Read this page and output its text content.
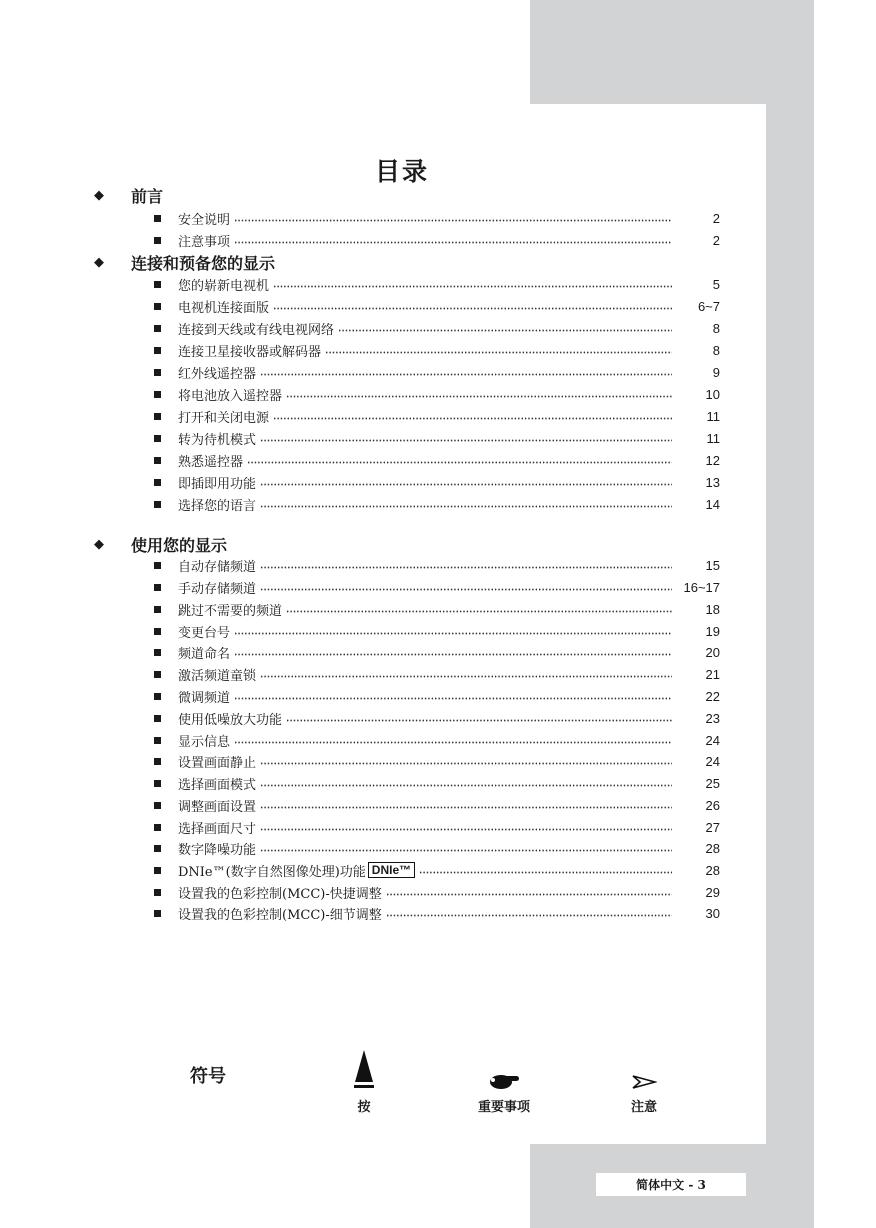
目录
◆ 前言
安全说明	2
注意事项	2
◆ 连接和预备您的显示
您的崭新电视机	5
电视机连接面版	6~7
连接到天线或有线电视网络	8
连接卫星接收器或解码器	8
红外线遥控器	9
将电池放入遥控器	10
打开和关闭电源	11
转为待机模式	11
熟悉遥控器	12
即插即用功能	13
选择您的语言	14
◆ 使用您的显示
自动存储频道	15
手动存储频道	16~17
跳过不需要的频道	18
变更台号	19
频道命名	20
激活频道童锁	21
微调频道	22
使用低噪放大功能	23
显示信息	24
设置画面静止	24
选择画面模式	25
调整画面设置	26
选择画面尺寸	27
数字降噪功能	28
DNIe™(数字自然图像处理)功能 DNIe™	28
设置我的色彩控制(MCC)-快捷调整	29
设置我的色彩控制(MCC)-细节调整	30
符号
按	重要事项	注意
简体中文 - 3
